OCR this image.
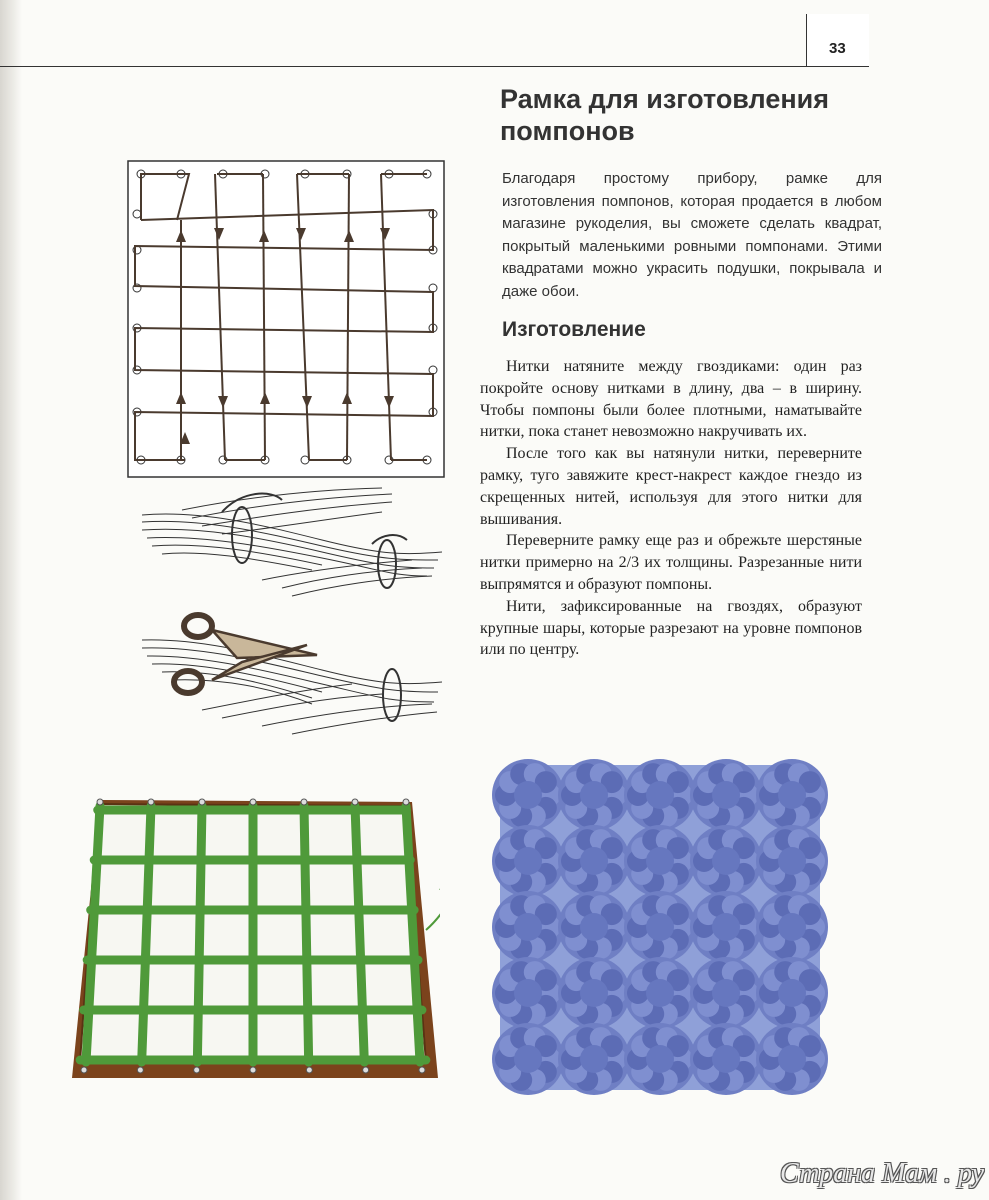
33
Рамка для изготовления помпонов

Благодаря простому прибору, рамке для изготовления помпонов, которая продается в любом магазине рукоделия, вы сможете сделать квадрат, покрытый маленькими ровными помпонами. Этими квадратами можно украсить подушки, покрывала и даже обои.

Изготовление

Нитки натяните между гвоздиками: один раз покройте основу нитками в длину, два – в ширину. Чтобы помпоны были более плотными, наматывайте нитки, пока станет невозможно накручивать их.

После того как вы натянули нитки, переверните рамку, туго завяжите крест-накрест каждое гнездо из скрещенных нитей, используя для этого нитки для вышивания.

Переверните рамку еще раз и обрежьте шерстяные нитки примерно на 2/3 их толщины. Разрезанные нити выпрямятся и образуют помпоны.

Нити, зафиксированные на гвоздях, образуют крупные шары, которые разрезают на уровне помпонов или по центру.

Страна Мам . ру
